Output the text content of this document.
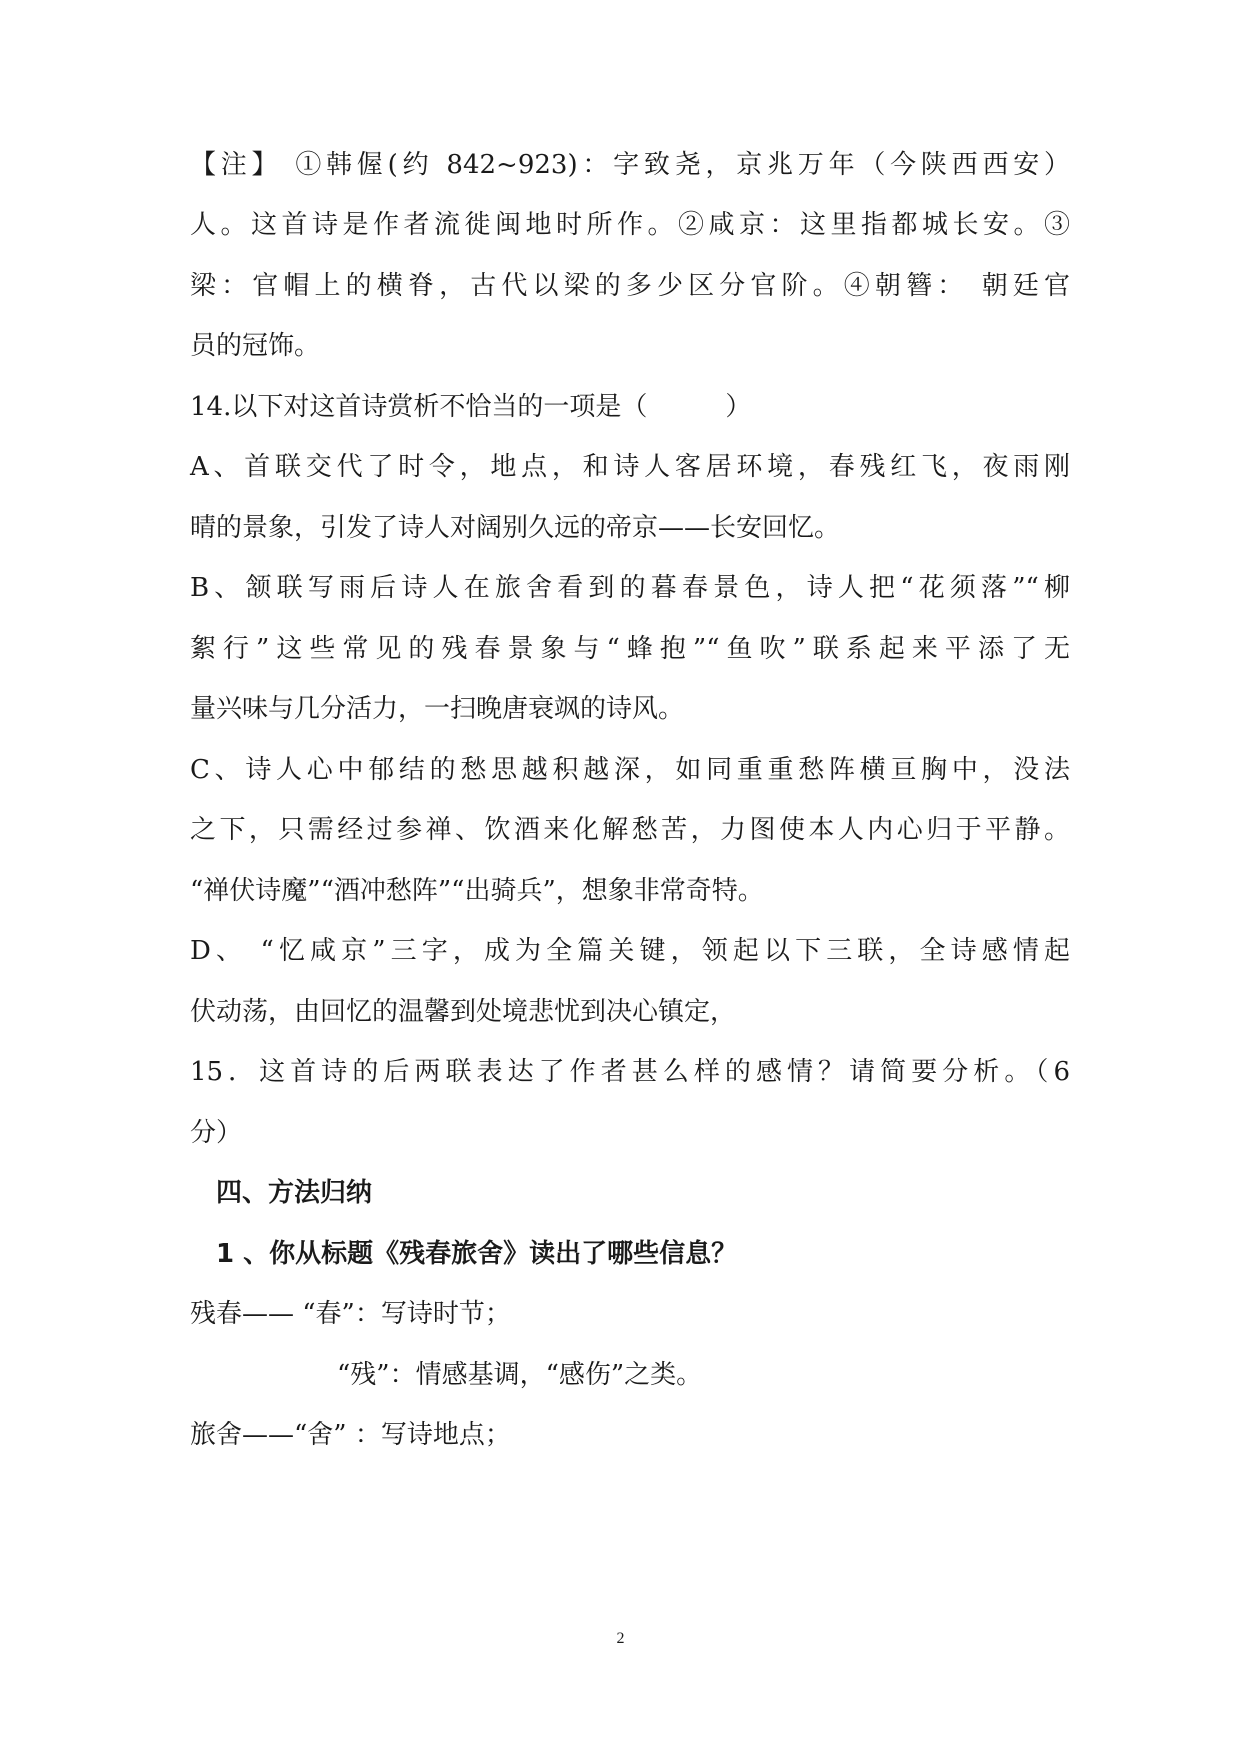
【注】 ①韩偓(约 842~923)：字致尧，京兆万年（今陕西西安）

人。这首诗是作者流徙闽地时所作。②咸京：这里指都城长安。③

梁：官帽上的横脊，古代以梁的多少区分官阶。④朝簪： 朝廷官

员的冠饰。

14.以下对这首诗赏析不恰当的一项是（　　　）

A、首联交代了时令，地点，和诗人客居环境，春残红飞，夜雨刚

晴的景象，引发了诗人对阔别久远的帝京——长安回忆。

B、颔联写雨后诗人在旅舍看到的暮春景色，诗人把“花须落”“柳

絮行”这些常见的残春景象与“蜂抱”“鱼吹”联系起来平添了无

量兴味与几分活力，一扫晚唐衰飒的诗风。

C、诗人心中郁结的愁思越积越深，如同重重愁阵横亘胸中，没法

之下，只需经过参禅、饮酒来化解愁苦，力图使本人内心归于平静。

“禅伏诗魔”“酒冲愁阵”“出骑兵”，想象非常奇特。

D、 “忆咸京”三字，成为全篇关键，领起以下三联，全诗感情起

伏动荡，由回忆的温馨到处境悲忧到决心镇定，

15．这首诗的后两联表达了作者甚么样的感情？请简要分析。（6

分）

四、方法归纳

1 、你从标题《残春旅舍》读出了哪些信息？

残春—— “春”：写诗时节；

“残”：情感基调，“感伤”之类。

旅舍——“舍” ：写诗地点；

2
